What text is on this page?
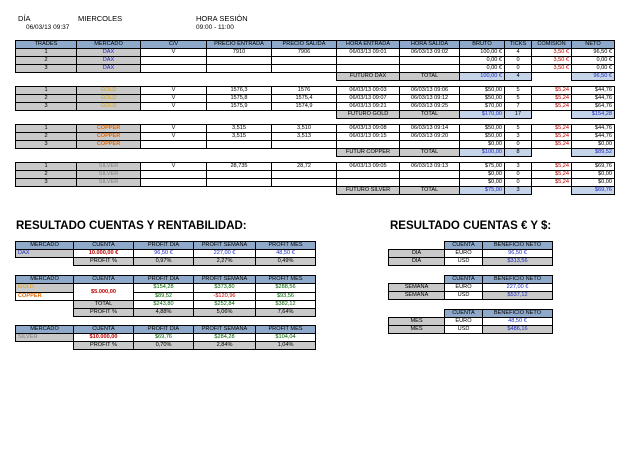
DÍA
06/03/13 09:37
MIERCOLES	HORA SESIÓN
09:00 - 11:00
TRADES	MERCADO	C/V	PRECIO ENTRADA	PRECIO SALIDA	HORA ENTRADA	HORA SALIDA	BRUTO	TICKS	COMISIÓN	NETO
1	DAX	V	7910	7906	06/03/13 09:01	06/03/13 09:02	100,00 €	4	3,50 €	96,50 €
2	DAX						0,00 €	0	3,50 €	0,00 €
3	DAX						0,00 €	0	3,50 €	0,00 €
					FUTURO DAX	TOTAL	100,00 €	4		96,50 €

1	GOLD	V	1576,3	1576	06/03/13 09:03	06/03/13 09:06	$50,00	5	$5,24	$44,76
2	GOLD	V	1575,8	1575,4	06/03/13 09:07	06/03/13 09:12	$50,00	5	$5,24	$44,76
3	GOLD	V	1575,9	1574,9	06/03/13 09:21	06/03/13 09:25	$70,00	7	$5,24	$64,76
					FUTURO GOLD	TOTAL	$170,00	17		$154,28

1	COPPER	V	3,515	3,510	06/03/13 09:08	06/03/13 09:14	$50,00	5	$5,24	$44,76
2	COPPER	V	3,515	3,513	06/03/13 09:15	06/03/13 09:20	$50,00	3	$5,24	$44,76
3	COPPER						$0,00	0	$5,24	$0,00
					FUTUR COPPER	TOTAL	$100,00	8		$89,52

1	SILVER	V	28,735	28,72	06/03/13 09:05	06/03/13 09:13	$75,00	3	$5,24	$69,76
2	SILVER						$0,00	0	$5,24	$0,00
3	SILVER						$0,00	0	$5,24	$0,00
					FUTURO SILVER	TOTAL	$75,00	3		$69,76
RESULTADO CUENTAS Y RENTABILIDAD:
MERCADO	CUENTA	PROFIT DÍA	PROFIT SEMANA	PROFIT MES
DAX	10.000,00 €	96,50 €	227,00 €	48,50 €
	PROFIT %	0,97%	2,27%	0,49%
MERCADO	CUENTA	PROFIT DÍA	PROFIT SEMANA	PROFIT MES
GOLD	$5.000,00	$154,28	$373,80	$288,56
COPPER		$89,52	-$120,96	$93,56
	TOTAL	$243,80	$252,84	$382,12
	PROFIT %	4,88%	5,06%	7,64%
MERCADO	CUENTA	PROFIT DÍA	PROFIT SEMANA	PROFIT MES
SILVER	$10.000,00	$69,76	$284,28	$104,04
	PROFIT %	0,70%	2,84%	1,04%
RESULTADO CUENTAS € Y $:
	CUENTA	BENEFICIO NETO
DÍA	EURO	96,50 €
DÍA	USD	$313,56
	CUENTA	BENEFICIO NETO
SEMANA	EURO	227,00 €
SEMANA	USD	$537,12
	CUENTA	BENEFICIO NETO
MES	EURO	48,50 €
MES	USD	$486,16
